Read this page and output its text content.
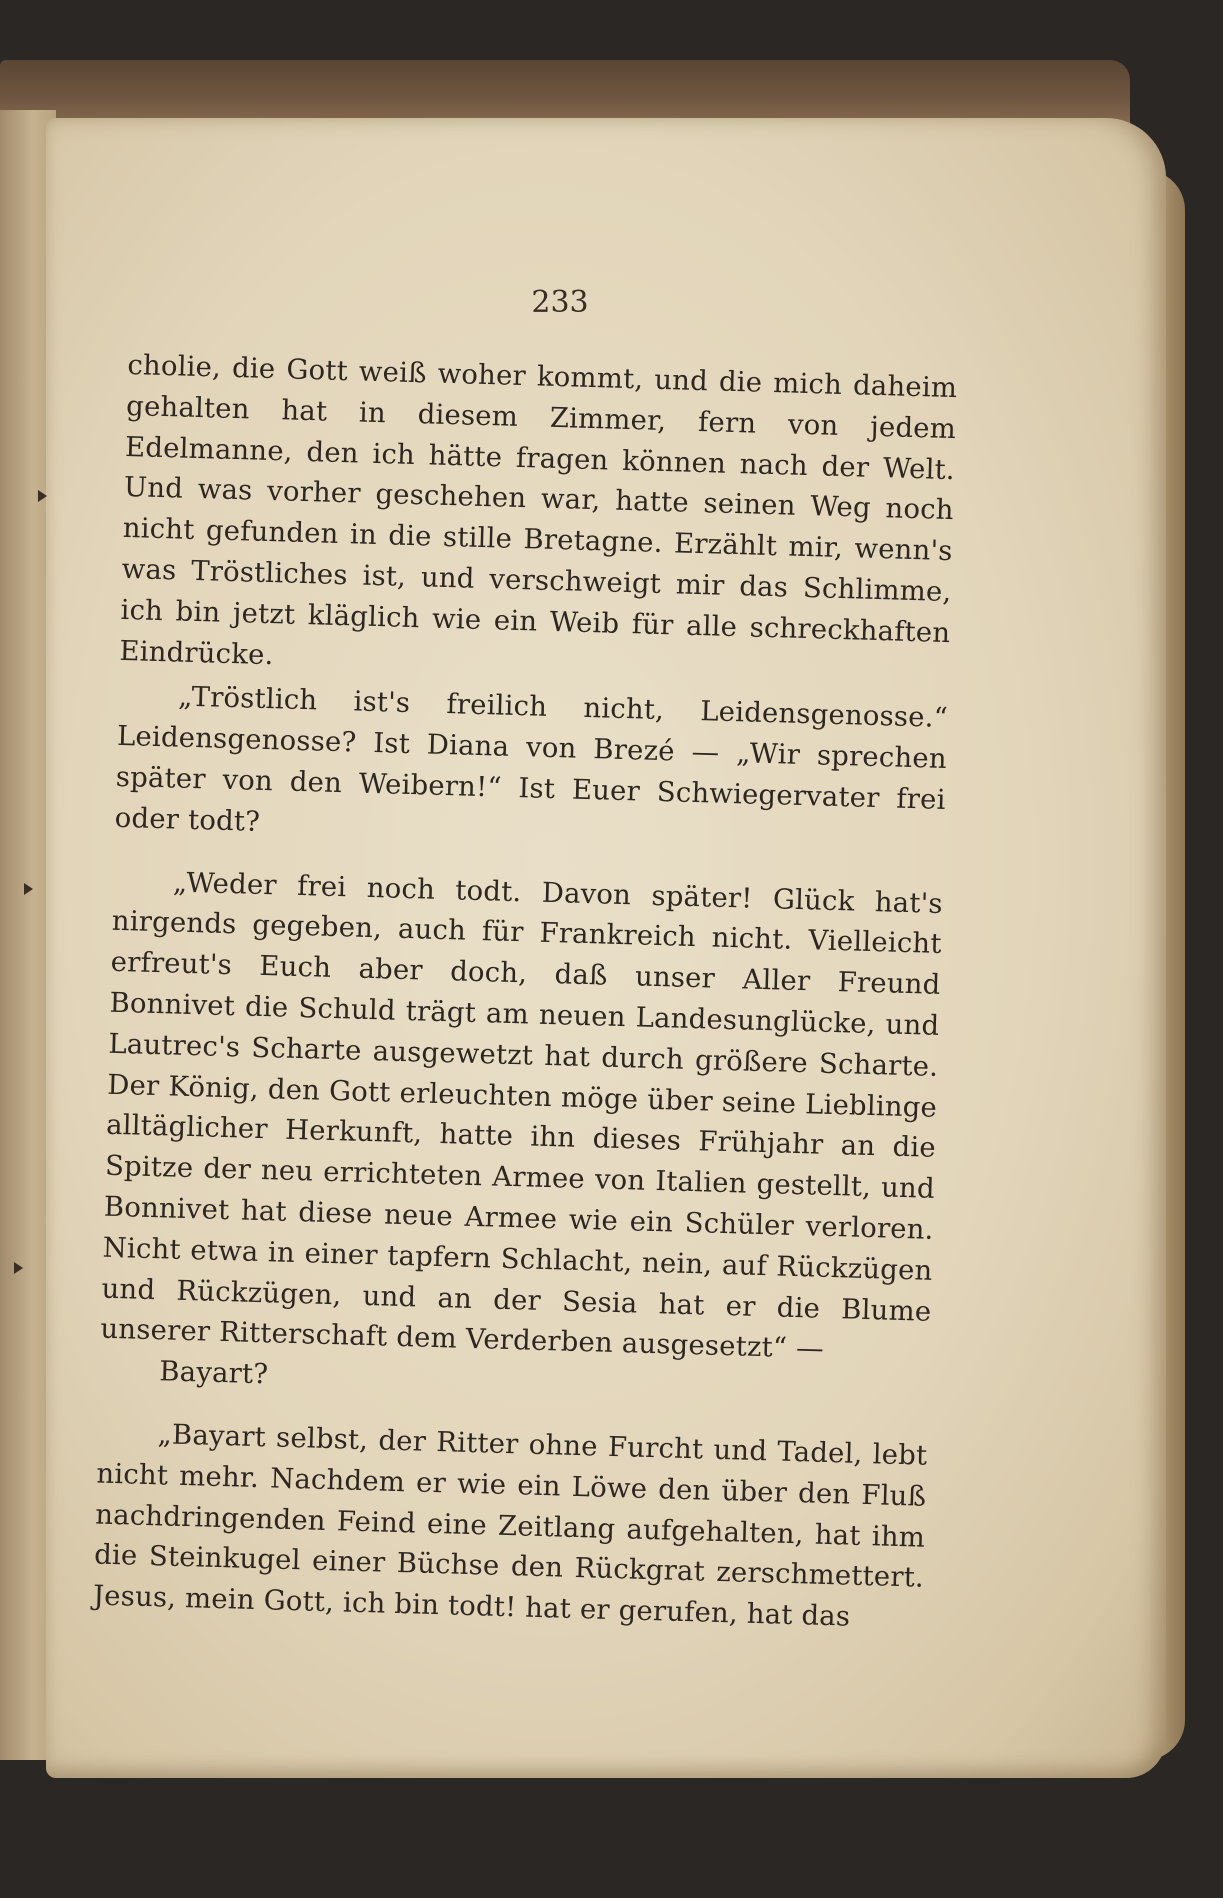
233

cholie, die Gott weiß woher kommt, und die mich daheim gehalten hat in diesem Zimmer, fern von jedem Edelmanne, den ich hätte fragen können nach der Welt. Und was vorher geschehen war, hatte seinen Weg noch nicht gefunden in die stille Bretagne. Erzählt mir, wenn's was Tröstliches ist, und verschweigt mir das Schlimme, ich bin jetzt kläglich wie ein Weib für alle schreckhaften Eindrücke.

„Tröstlich ist's freilich nicht, Leidensgenosse.“ Leidensgenosse? Ist Diana von Brezé — „Wir sprechen später von den Weibern!“ Ist Euer Schwiegervater frei oder todt?

„Weder frei noch todt. Davon später! Glück hat's nirgends gegeben, auch für Frankreich nicht. Vielleicht erfreut's Euch aber doch, daß unser Aller Freund Bonnivet die Schuld trägt am neuen Landesunglücke, und Lautrec's Scharte ausgewetzt hat durch größere Scharte. Der König, den Gott erleuchten möge über seine Lieblinge alltäglicher Herkunft, hatte ihn dieses Frühjahr an die Spitze der neu errichteten Armee von Italien gestellt, und Bonnivet hat diese neue Armee wie ein Schüler verloren. Nicht etwa in einer tapfern Schlacht, nein, auf Rückzügen und Rückzügen, und an der Sesia hat er die Blume unserer Ritterschaft dem Verderben ausgesetzt“ —

Bayart?

„Bayart selbst, der Ritter ohne Furcht und Tadel, lebt nicht mehr. Nachdem er wie ein Löwe den über den Fluß nachdringenden Feind eine Zeitlang aufgehalten, hat ihm die Steinkugel einer Büchse den Rückgrat zerschmettert. Jesus, mein Gott, ich bin todt! hat er gerufen, hat das
